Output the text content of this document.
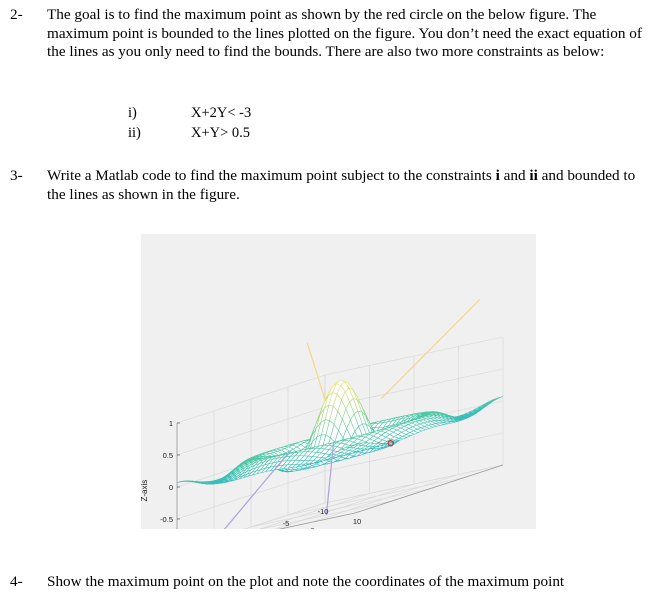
2- The goal is to find the maximum point as shown by the red circle on the below figure. The maximum point is bounded to the lines plotted on the figure. You don’t need the exact equation of the lines as you only need to find the bounds. There are also two more constraints as below:
i)	X+2Y< -3
ii)	X+Y> 0.5
3- Write a Matlab code to find the maximum point subject to the constraints i and ii and bounded to the lines as shown in the figure.
-0.5
0
0.5
1
-10
-5	10
Z-axis
4- Show the maximum point on the plot and note the coordinates of the maximum point
